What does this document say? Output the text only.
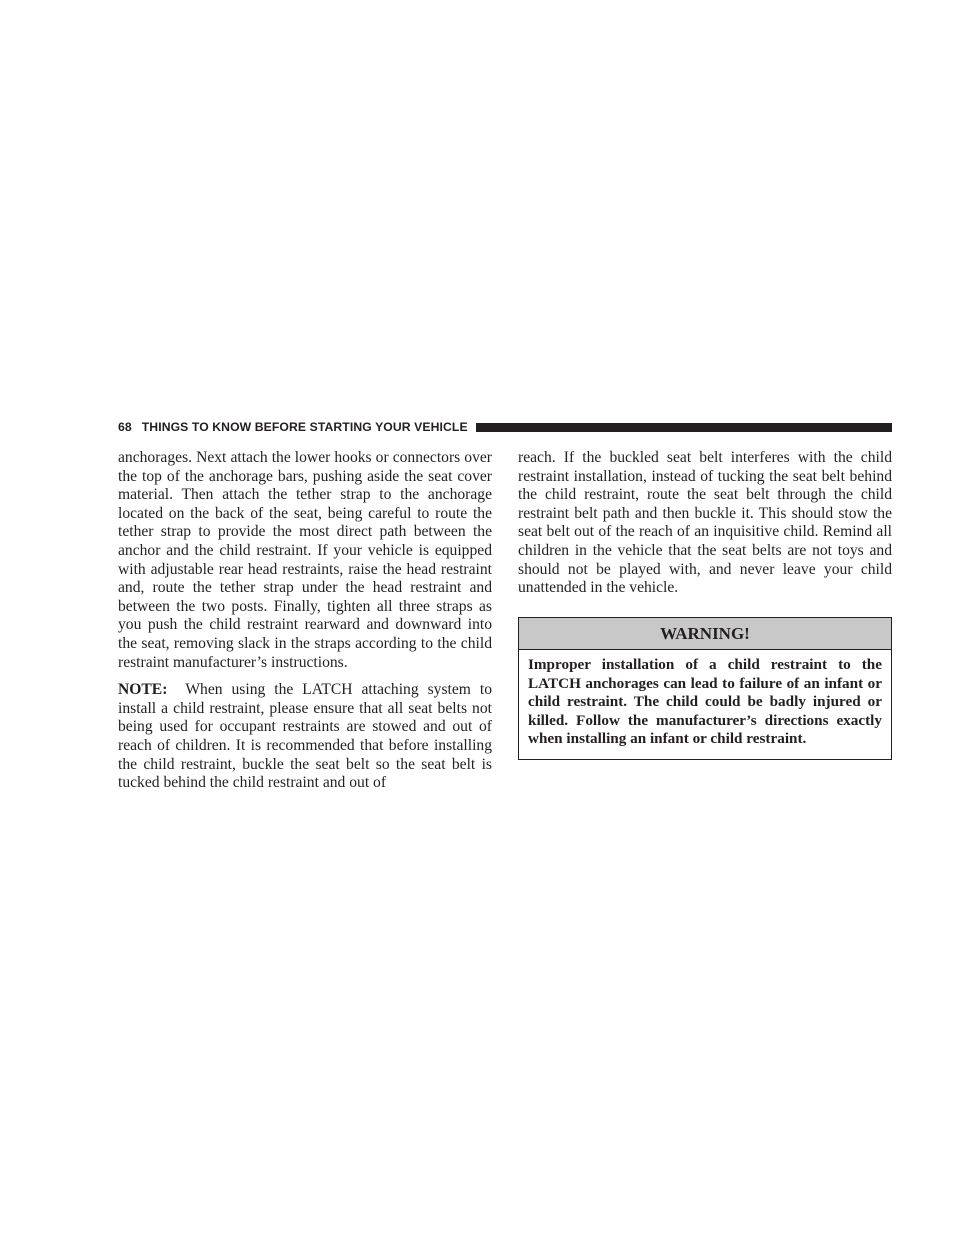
68 THINGS TO KNOW BEFORE STARTING YOUR VEHICLE

anchorages. Next attach the lower hooks or connectors over the top of the anchorage bars, pushing aside the seat cover material. Then attach the tether strap to the anchorage located on the back of the seat, being careful to route the tether strap to provide the most direct path between the anchor and the child restraint. If your vehicle is equipped with adjustable rear head restraints, raise the head restraint and, route the tether strap under the head restraint and between the two posts. Finally, tighten all three straps as you push the child restraint rearward and downward into the seat, removing slack in the straps according to the child restraint manufacturer’s instructions.

NOTE: When using the LATCH attaching system to install a child restraint, please ensure that all seat belts not being used for occupant restraints are stowed and out of reach of children. It is recommended that before installing the child restraint, buckle the seat belt so the seat belt is tucked behind the child restraint and out of

reach. If the buckled seat belt interferes with the child restraint installation, instead of tucking the seat belt behind the child restraint, route the seat belt through the child restraint belt path and then buckle it. This should stow the seat belt out of the reach of an inquisitive child. Remind all children in the vehicle that the seat belts are not toys and should not be played with, and never leave your child unattended in the vehicle.

WARNING!
Improper installation of a child restraint to the LATCH anchorages can lead to failure of an infant or child restraint. The child could be badly injured or killed. Follow the manufacturer’s directions exactly when installing an infant or child restraint.
